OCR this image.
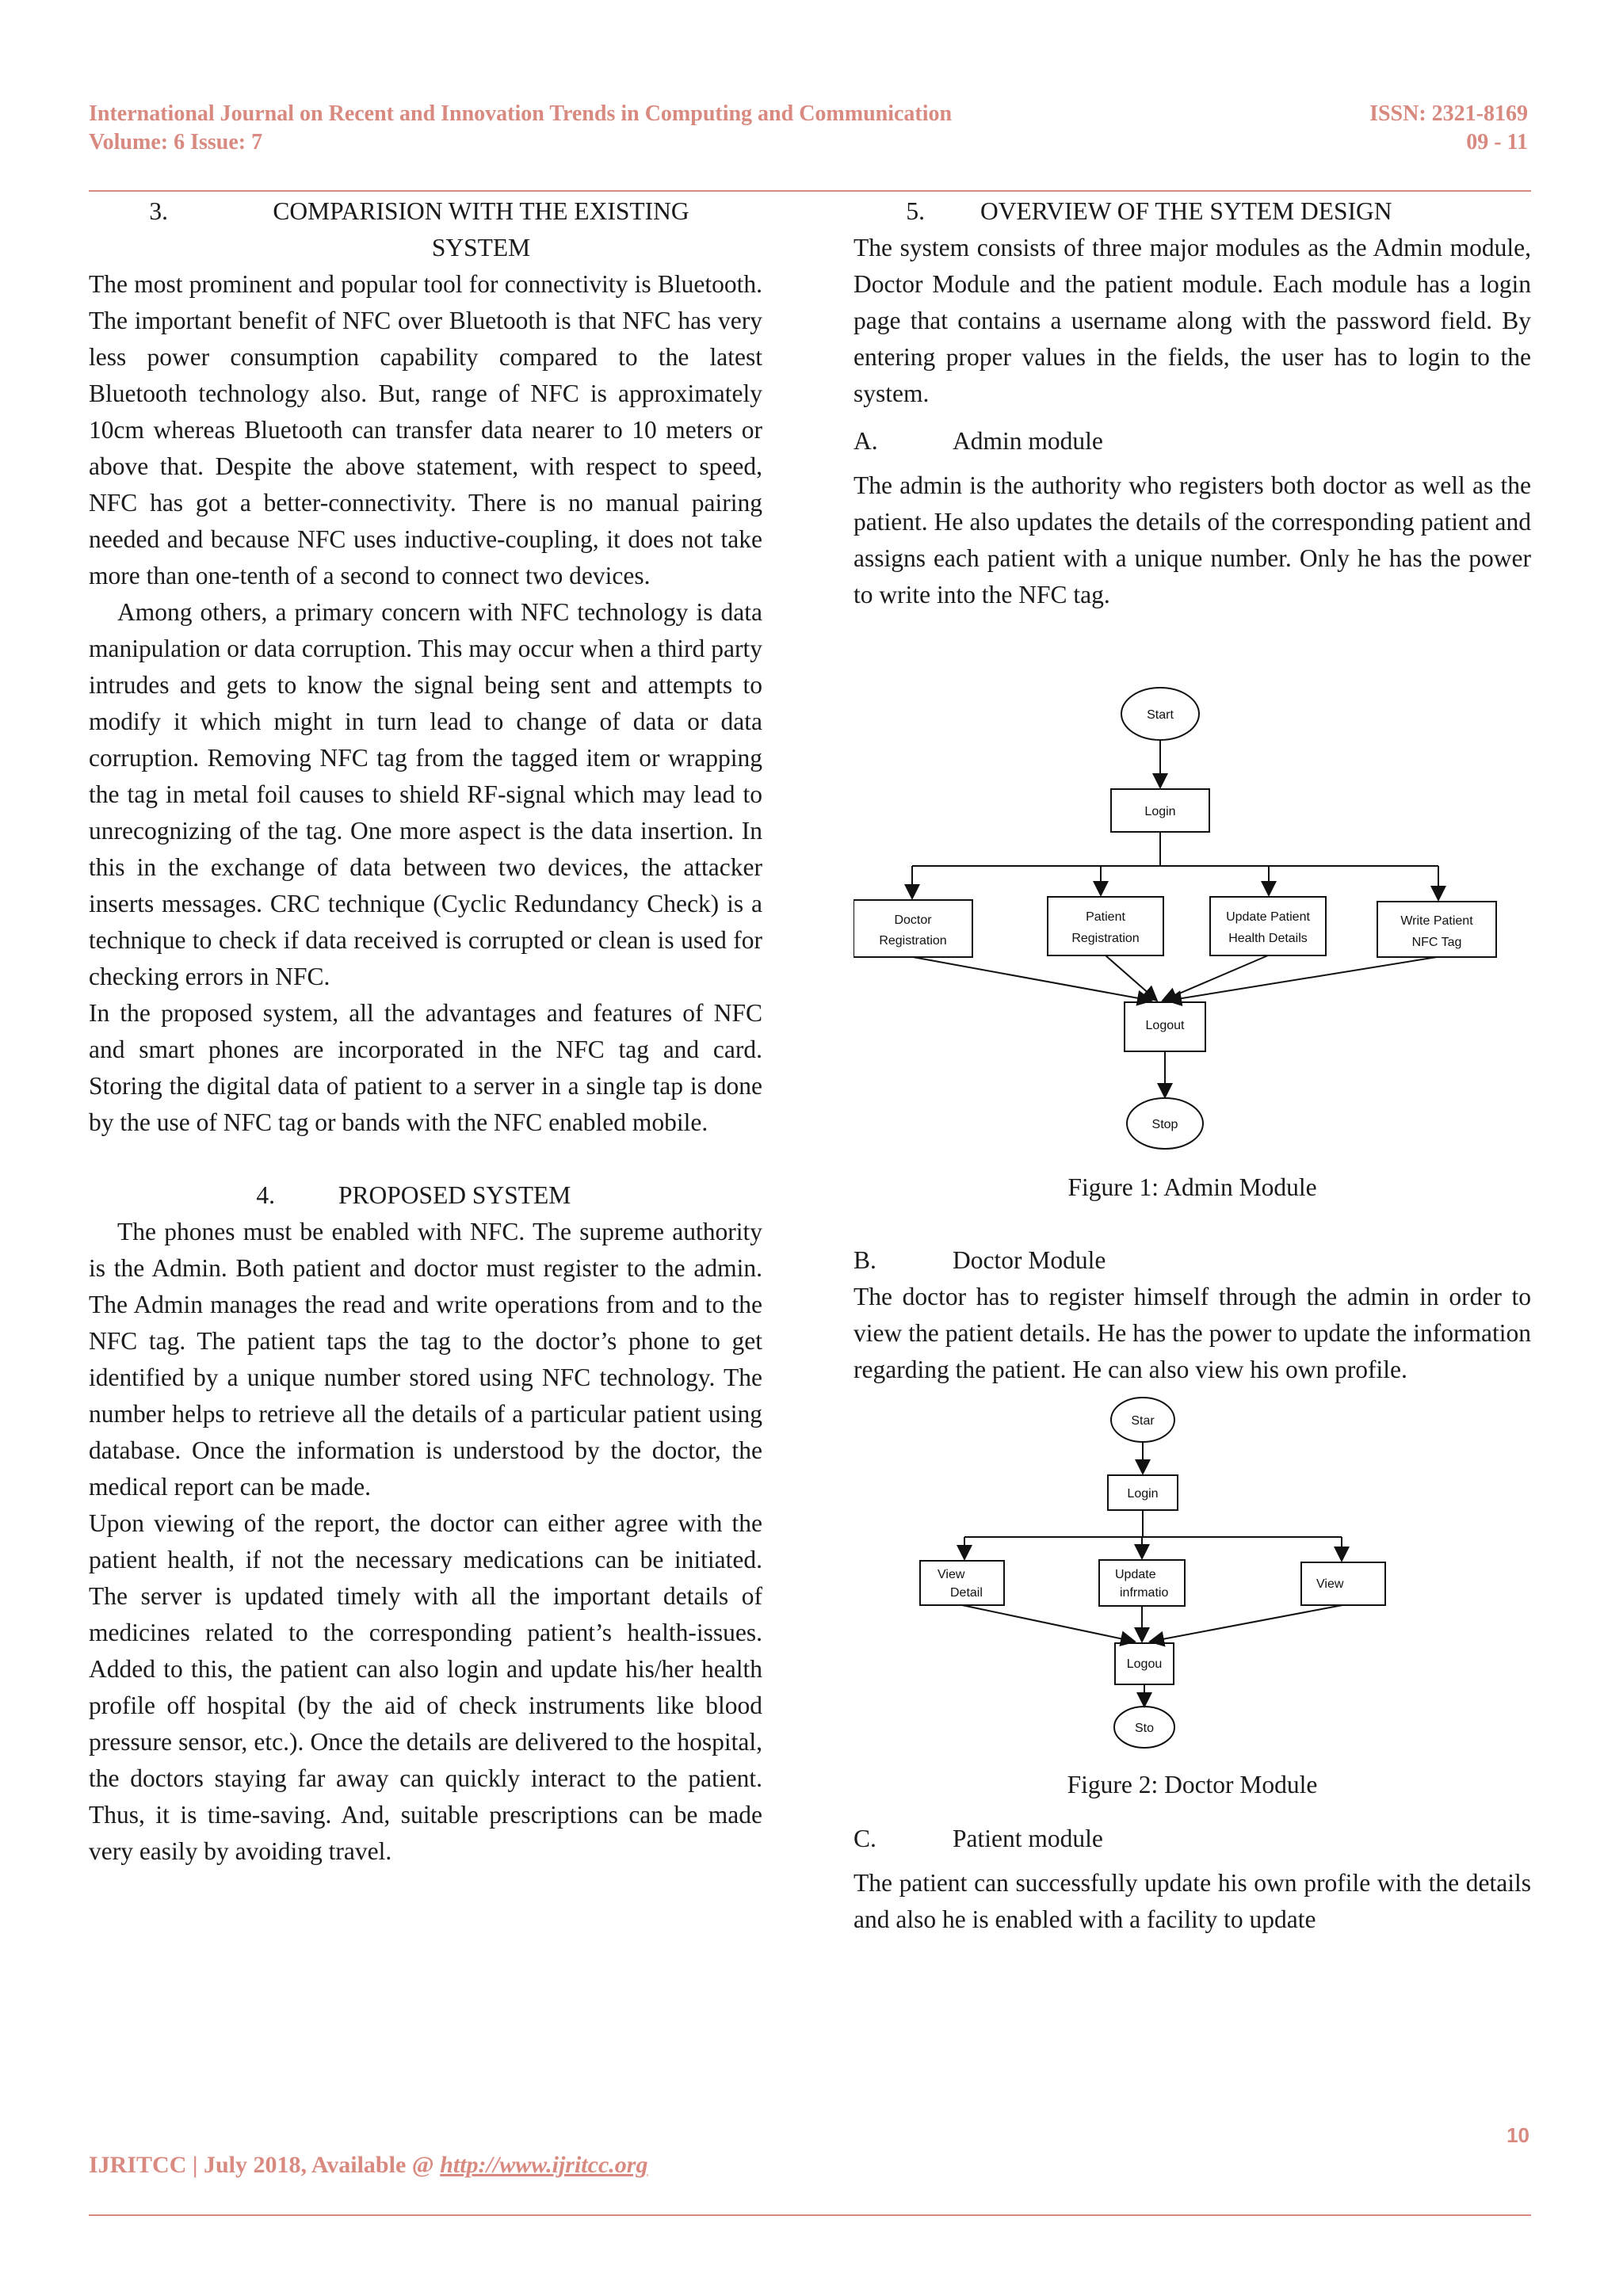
International Journal on Recent and Innovation Trends in Computing and Communication
Volume: 6 Issue: 7
ISSN: 2321-8169
09 - 11
3.	COMPARISION WITH THE EXISTING
SYSTEM

The most prominent and popular tool for connectivity is Bluetooth. The important benefit of NFC over Bluetooth is that NFC has very less power consumption capability compared to the latest Bluetooth technology also. But, range of NFC is approximately 10cm whereas Bluetooth can transfer data nearer to 10 meters or above that. Despite the above statement, with respect to speed, NFC has got a better-connectivity. There is no manual pairing needed and because NFC uses inductive-coupling, it does not take more than one-tenth of a second to connect two devices.

Among others, a primary concern with NFC technology is data manipulation or data corruption. This may occur when a third party intrudes and gets to know the signal being sent and attempts to modify it which might in turn lead to change of data or data corruption. Removing NFC tag from the tagged item or wrapping the tag in metal foil causes to shield RF-signal which may lead to unrecognizing of the tag. One more aspect is the data insertion. In this in the exchange of data between two devices, the attacker inserts messages. CRC technique (Cyclic Redundancy Check) is a technique to check if data received is corrupted or clean is used for checking errors in NFC.

In the proposed system, all the advantages and features of NFC and smart phones are incorporated in the NFC tag and card. Storing the digital data of patient to a server in a single tap is done by the use of NFC tag or bands with the NFC enabled mobile.

4.	PROPOSED SYSTEM

The phones must be enabled with NFC. The supreme authority is the Admin. Both patient and doctor must register to the admin. The Admin manages the read and write operations from and to the NFC tag. The patient taps the tag to the doctor’s phone to get identified by a unique number stored using NFC technology. The number helps to retrieve all the details of a particular patient using database. Once the information is understood by the doctor, the medical report can be made.

Upon viewing of the report, the doctor can either agree with the patient health, if not the necessary medications can be initiated. The server is updated timely with all the important details of medicines related to the corresponding patient’s health-issues. Added to this, the patient can also login and update his/her health profile off hospital (by the aid of check instruments like blood pressure sensor, etc.). Once the details are delivered to the hospital, the doctors staying far away can quickly interact to the patient. Thus, it is time-saving. And, suitable prescriptions can be made very easily by avoiding travel.

5.	OVERVIEW OF THE SYTEM DESIGN

The system consists of three major modules as the Admin module, Doctor Module and the patient module. Each module has a login page that contains a username along with the password field. By entering proper values in the fields, the user has to login to the system.

A.	Admin module

The admin is the authority who registers both doctor as well as the patient. He also updates the details of the corresponding patient and assigns each patient with a unique number. Only he has the power to write into the NFC tag.

Start
Login
Doctor
Registration
Patient
Registration
Update Patient
Health Details
Write Patient
NFC Tag
Logout
Stop

Figure 1: Admin Module

B.	Doctor Module

The doctor has to register himself through the admin in order to view the patient details. He has the power to update the information regarding the patient. He can also view his own profile.

Star
Login
View
Detail
Update
infrmatio
View
Logou
Sto

Figure 2: Doctor Module

C.	Patient module

The patient can successfully update his own profile with the details and also he is enabled with a facility to update

10
IJRITCC | July 2018, Available @ http://www.ijritcc.org
